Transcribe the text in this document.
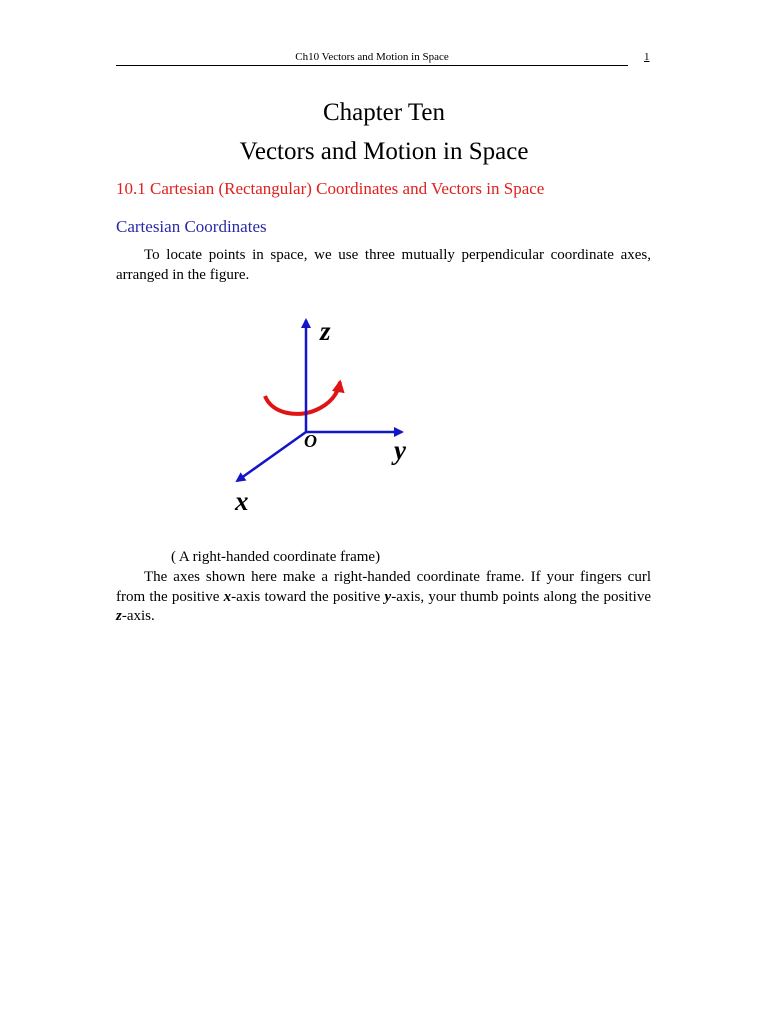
Ch10 Vectors and Motion in Space	1
Chapter Ten
Vectors and Motion in Space
10.1 Cartesian (Rectangular) Coordinates and Vectors in Space
Cartesian Coordinates
To locate points in space, we use three mutually perpendicular coordinate axes, arranged in the figure.
z
y
x
O
( A right-handed coordinate frame)
The axes shown here make a right-handed coordinate frame. If your fingers curl from the positive x-axis toward the positive y-axis, your thumb points along the positive z-axis.
